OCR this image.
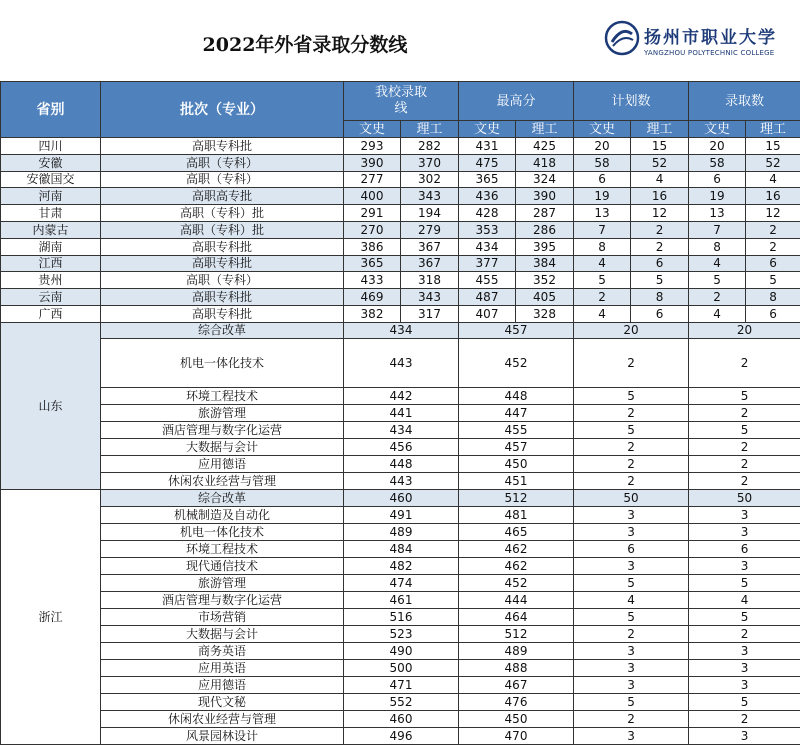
2022年外省录取分数线	扬州市职业大学
YANGZHOU POLYTECHNIC COLLEGE
省别	批次（专业）	我校录取线		最高分		计划数		录取数	
		文史	理工	文史	理工	文史	理工	文史	理工
四川	高职专科批	293	282	431	425	20	15	20	15
安徽	高职（专科）	390	370	475	418	58	52	58	52
安徽国交	高职（专科）	277	302	365	324	6	4	6	4
河南	高职高专批	400	343	436	390	19	16	19	16
甘肃	高职（专科）批	291	194	428	287	13	12	13	12
内蒙古	高职（专科）批	270	279	353	286	7	2	7	2
湖南	高职专科批	386	367	434	395	8	2	8	2
江西	高职专科批	365	367	377	384	4	6	4	6
贵州	高职（专科）	433	318	455	352	5	5	5	5
云南	高职专科批	469	343	487	405	2	8	2	8
广西	高职专科批	382	317	407	328	4	6	4	6
山东	综合改革	434		457		20		20	
	机电一体化技术	443		452		2		2	
	环境工程技术	442		448		5		5	
	旅游管理	441		447		2		2	
	酒店管理与数字化运营	434		455		5		5	
	大数据与会计	456		457		2		2	
	应用德语	448		450		2		2	
	休闲农业经营与管理	443		451		2		2	
浙江	综合改革	460		512		50		50	
	机械制造及自动化	491		481		3		3	
	机电一体化技术	489		465		3		3	
	环境工程技术	484		462		6		6	
	现代通信技术	482		462		3		3	
	旅游管理	474		452		5		5	
	酒店管理与数字化运营	461		444		4		4	
	市场营销	516		464		5		5	
	大数据与会计	523		512		2		2	
	商务英语	490		489		3		3	
	应用英语	500		488		3		3	
	应用德语	471		467		3		3	
	现代文秘	552		476		5		5	
	休闲农业经营与管理	460		450		2		2	
	风景园林设计	496		470		3		3	
